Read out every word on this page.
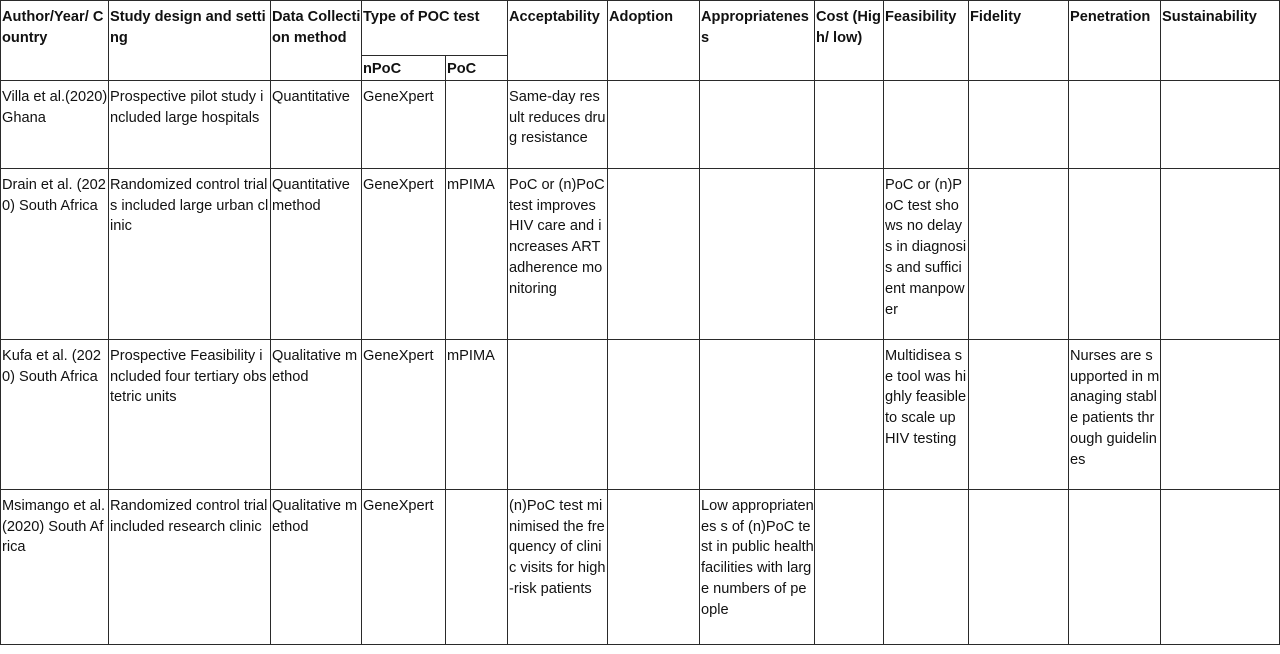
Author/Year/ Country	Study design and setting	Data Collection method	Type of POC test		Acceptability	Adoption	Appropriatenes s	Cost (High/ low)	Feasibility	Fidelity	Penetration	Sustainability
			nPoC	PoC								
Villa et al.(2020) Ghana	Prospective pilot study included large hospitals	Quantitative	GeneXpert		Same-day result reduces drug resistance							
Drain et al. (2020) South Africa	Randomized control trials included large urban clinic	Quantitative method	GeneXpert	mPIMA	PoC or (n)PoC test improves HIV care and increases ART adherence monitoring				PoC or (n)PoC test shows no delays in diagnosis and sufficient manpower			
Kufa et al. (2020) South Africa	Prospective Feasibility included four tertiary obstetric units	Qualitative method	GeneXpert	mPIMA					Multidisea se tool was highly feasible to scale up HIV testing		Nurses are supported in managing stable patients through guidelines	
Msimango et al. (2020) South Africa	Randomized control trial included research clinic	Qualitative method	GeneXpert		(n)PoC test minimised the frequency of clinic visits for high-risk patients		Low appropriatenes s of (n)PoC test in public health facilities with large numbers of people					
